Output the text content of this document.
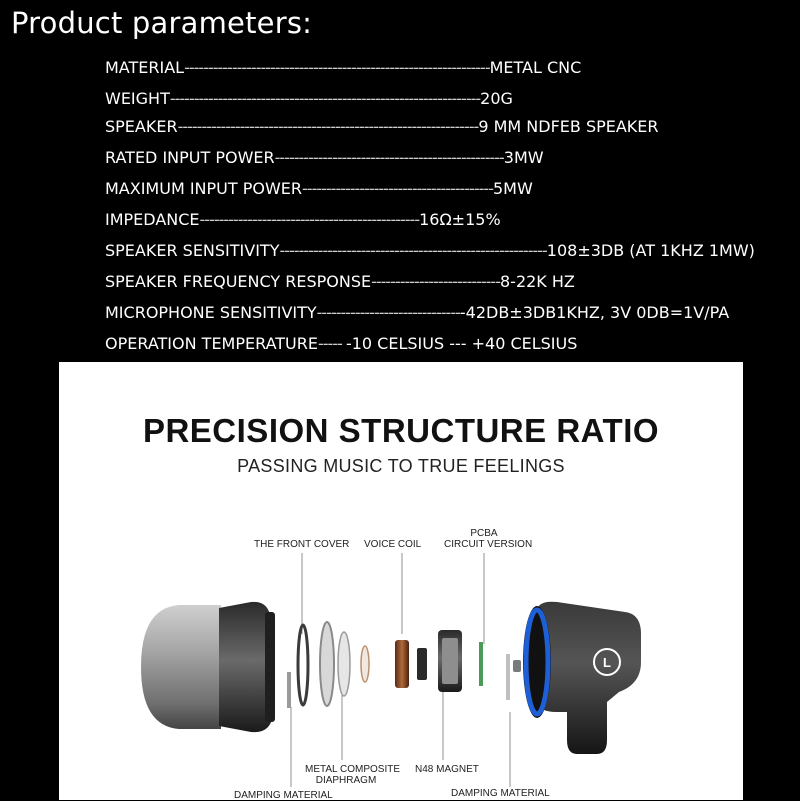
Product parameters:
MATERIAL----------------------------------------------------------------METAL CNC
WEIGHT-----------------------------------------------------------------20G
SPEAKER---------------------------------------------------------------9 MM NDFEB SPEAKER
RATED INPUT POWER------------------------------------------------3MW
MAXIMUM INPUT POWER----------------------------------------5MW
IMPEDANCE----------------------------------------------16Ω±15%
SPEAKER SENSITIVITY--------------------------------------------------------108±3DB (AT 1KHZ 1MW)
SPEAKER FREQUENCY RESPONSE---------------------------8-22K HZ
MICROPHONE SENSITIVITY-------------------------------42DB±3DB1KHZ, 3V 0DB=1V/PA
OPERATION TEMPERATURE----- -10 CELSIUS --- +40 CELSIUS
PRECISION STRUCTURE RATIO
PASSING MUSIC TO TRUE FEELINGS
L
THE FRONT COVER VOICE COIL
PCBA
CIRCUIT VERSION
METAL COMPOSITE
DIAPHRAGM
N48 MAGNET
DAMPING MATERIAL	DAMPING MATERIAL
